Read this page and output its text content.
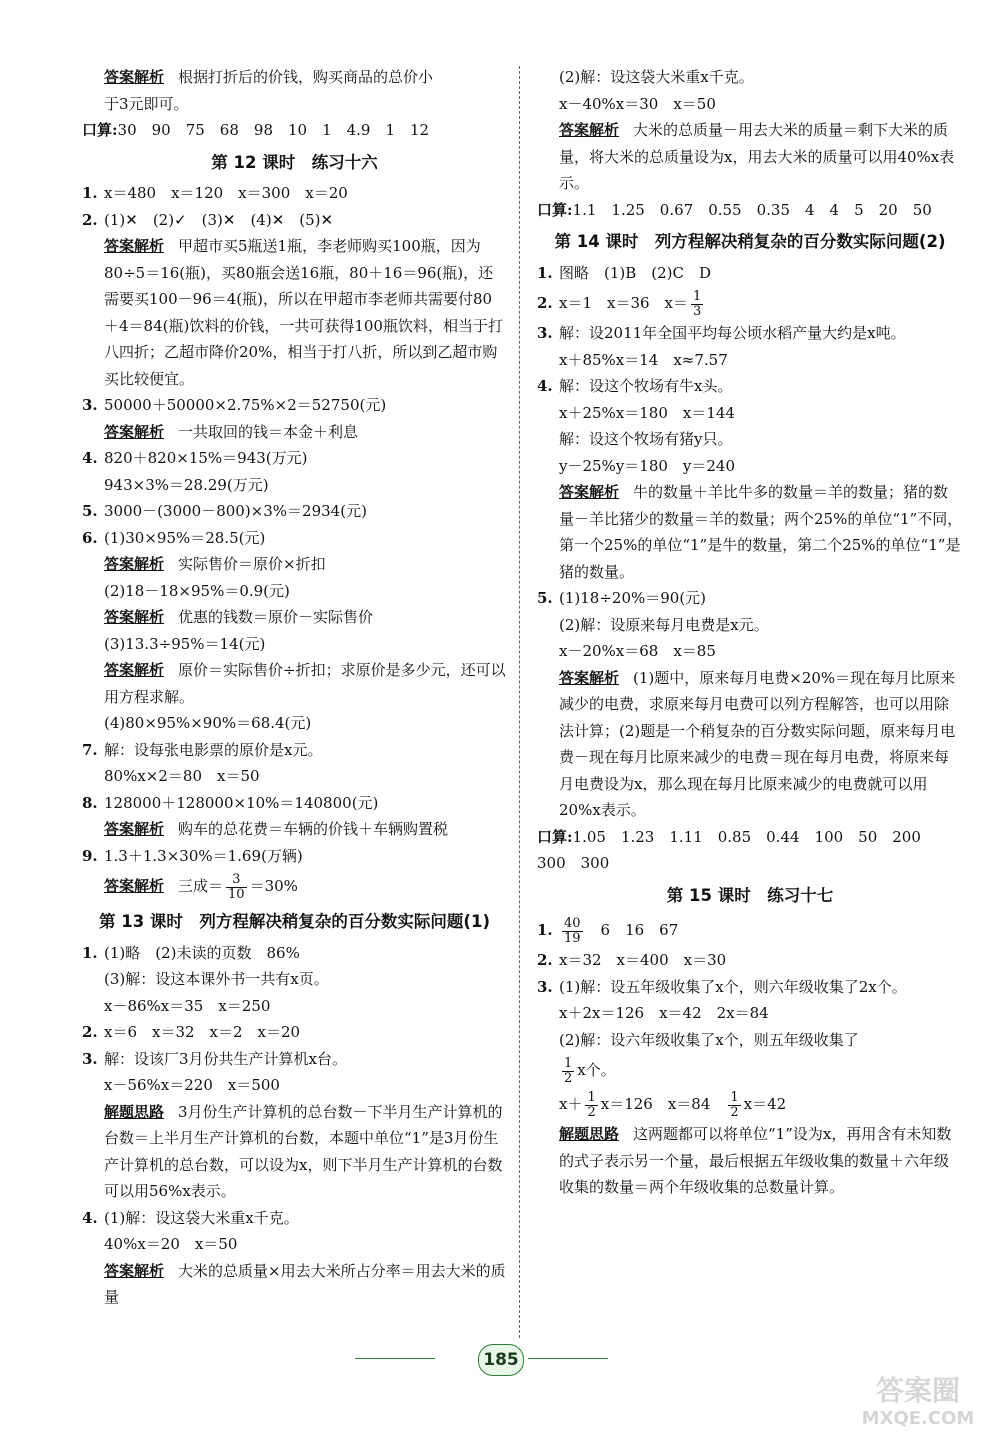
答案解析 根据打折后的价钱，购买商品的总价小
于3元即可。
口算:30　90　75　68　98　10　1　4.9　1　12
第 12 课时　练习十六
1. x＝480　x＝120　x＝300　x＝20
2. (1)✕　(2)✓　(3)✕　(4)✕　(5)✕
答案解析 甲超市买5瓶送1瓶，李老师购买100瓶，因为80÷5＝16(瓶)，买80瓶会送16瓶，80＋16＝96(瓶)，还需要买100－96＝4(瓶)，所以在甲超市李老师共需要付80＋4＝84(瓶)饮料的价钱，一共可获得100瓶饮料，相当于打八四折；乙超市降价20%，相当于打八折，所以到乙超市购买比较便宜。
3. 50000＋50000×2.75%×2＝52750(元)
答案解析 一共取回的钱＝本金＋利息
4. 820＋820×15%＝943(万元)
943×3%＝28.29(万元)
5. 3000－(3000－800)×3%＝2934(元)
6. (1)30×95%＝28.5(元)
答案解析 实际售价＝原价×折扣
(2)18－18×95%＝0.9(元)
答案解析 优惠的钱数＝原价－实际售价
(3)13.3÷95%＝14(元)
答案解析 原价＝实际售价÷折扣；求原价是多少元，还可以用方程求解。
(4)80×95%×90%＝68.4(元)
7. 解：设每张电影票的原价是x元。
80%x×2＝80　x＝50
8. 128000＋128000×10%＝140800(元)
答案解析 购车的总花费＝车辆的价钱＋车辆购置税
9. 1.3＋1.3×30%＝1.69(万辆)
答案解析 三成＝ $\frac{3}{10} =30\%$
第 13 课时　列方程解决稍复杂的百分数实际问题(1)
1. (1)略　(2)未读的页数　86%
(3)解：设这本课外书一共有x页。
x－86%x＝35　x＝250
2. x＝6　x＝32　x＝2　x＝20
3. 解：设该厂3月份共生产计算机x台。
x－56%x＝220　x＝500
解题思路 3月份生产计算机的总台数－下半月生产计算机的台数＝上半月生产计算机的台数，本题中单位“1”是3月份生产计算机的总台数，可以设为x，则下半月生产计算机的台数可以用56%x表示。
4. (1)解：设这袋大米重x千克。
40%x＝20　x＝50
答案解析 大米的总质量×用去大米所占分率＝用去大米的质量
(2)解：设这袋大米重x千克。
x－40%x＝30　x＝50
答案解析 大米的总质量－用去大米的质量＝剩下大米的质量，将大米的总质量设为x，用去大米的质量可以用40%x表示。
口算:1.1　1.25　0.67　0.55　0.35　4　4　5　20　50
第 14 课时　列方程解决稍复杂的百分数实际问题(2)
1. 图略　(1)B　(2)C　D
2. x＝1　x＝36　$x= \frac{1}{3}$
3. 解：设2011年全国平均每公顷水稻产量大约是x吨。
x＋85%x＝14　x≈7.57
4. 解：设这个牧场有牛x头。
x＋25%x＝180　x＝144
解：设这个牧场有猪y只。
y－25%y＝180　y＝240
答案解析 牛的数量＋羊比牛多的数量＝羊的数量；猪的数量－羊比猪少的数量＝羊的数量；两个25%的单位“1”不同，第一个25%的单位“1”是牛的数量，第二个25%的单位“1”是猪的数量。
5. (1)18÷20%＝90(元)
(2)解：设原来每月电费是x元。
x－20%x＝68　x＝85
答案解析 (1)题中，原来每月电费×20%＝现在每月比原来减少的电费，求原来每月电费可以列方程解答，也可以用除法计算；(2)题是一个稍复杂的百分数实际问题，原来每月电费－现在每月比原来减少的电费＝现在每月电费，将原来每月电费设为x，那么现在每月比原来减少的电费就可以用20%x表示。
口算:1.05　1.23　1.11　0.85　0.44　100　50　200　300　300
第 15 课时　练习十七
1. $\frac{40}{19}$ 　6　16　67
2. x＝32　x＝400　x＝30
3. (1)解：设五年级收集了x个，则六年级收集了2x个。
x＋2x＝126　x＝42　2x＝84
(2)解：设六年级收集了x个，则五年级收集了
$\frac{1}{2}$ x个。
$x+ \frac{1}{2} x=126$　x＝84　 $\frac{1}{2} x=42$
解题思路 这两题都可以将单位“1”设为x，再用含有未知数的式子表示另一个量，最后根据五年级收集的数量＋六年级收集的数量＝两个年级收集的总数量计算。
185
答案圈
MXQE.COM
